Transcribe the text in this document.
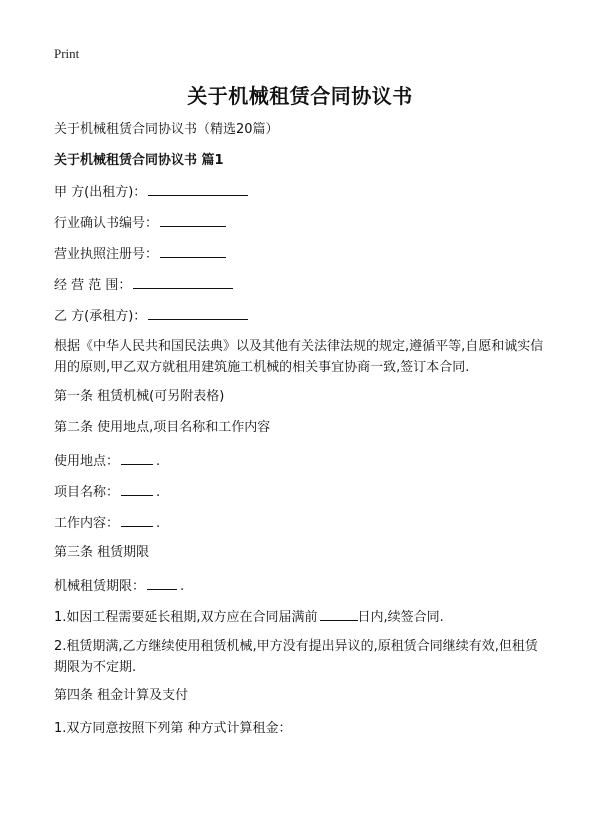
Print
关于机械租赁合同协议书
关于机械租赁合同协议书（精选20篇）
关于机械租赁合同协议书 篇1
甲 方(出租方)：
行业确认书编号：
营业执照注册号：
经 营 范 围：
乙 方(承租方)：
根据《中华人民共和国民法典》以及其他有关法律法规的规定,遵循平等,自愿和诚实信用的原则,甲乙双方就租用建筑施工机械的相关事宜协商一致,签订本合同.
第一条 租赁机械(可另附表格)
第二条 使用地点,项目名称和工作内容
使用地点：	.
项目名称：	.
工作内容：	.
第三条 租赁期限
机械租赁期限：	.
1.如因工程需要延长租期,双方应在合同届满前	日内,续签合同.
2.租赁期满,乙方继续使用租赁机械,甲方没有提出异议的,原租赁合同继续有效,但租赁期限为不定期.
第四条 租金计算及支付
1.双方同意按照下列第 种方式计算租金：
